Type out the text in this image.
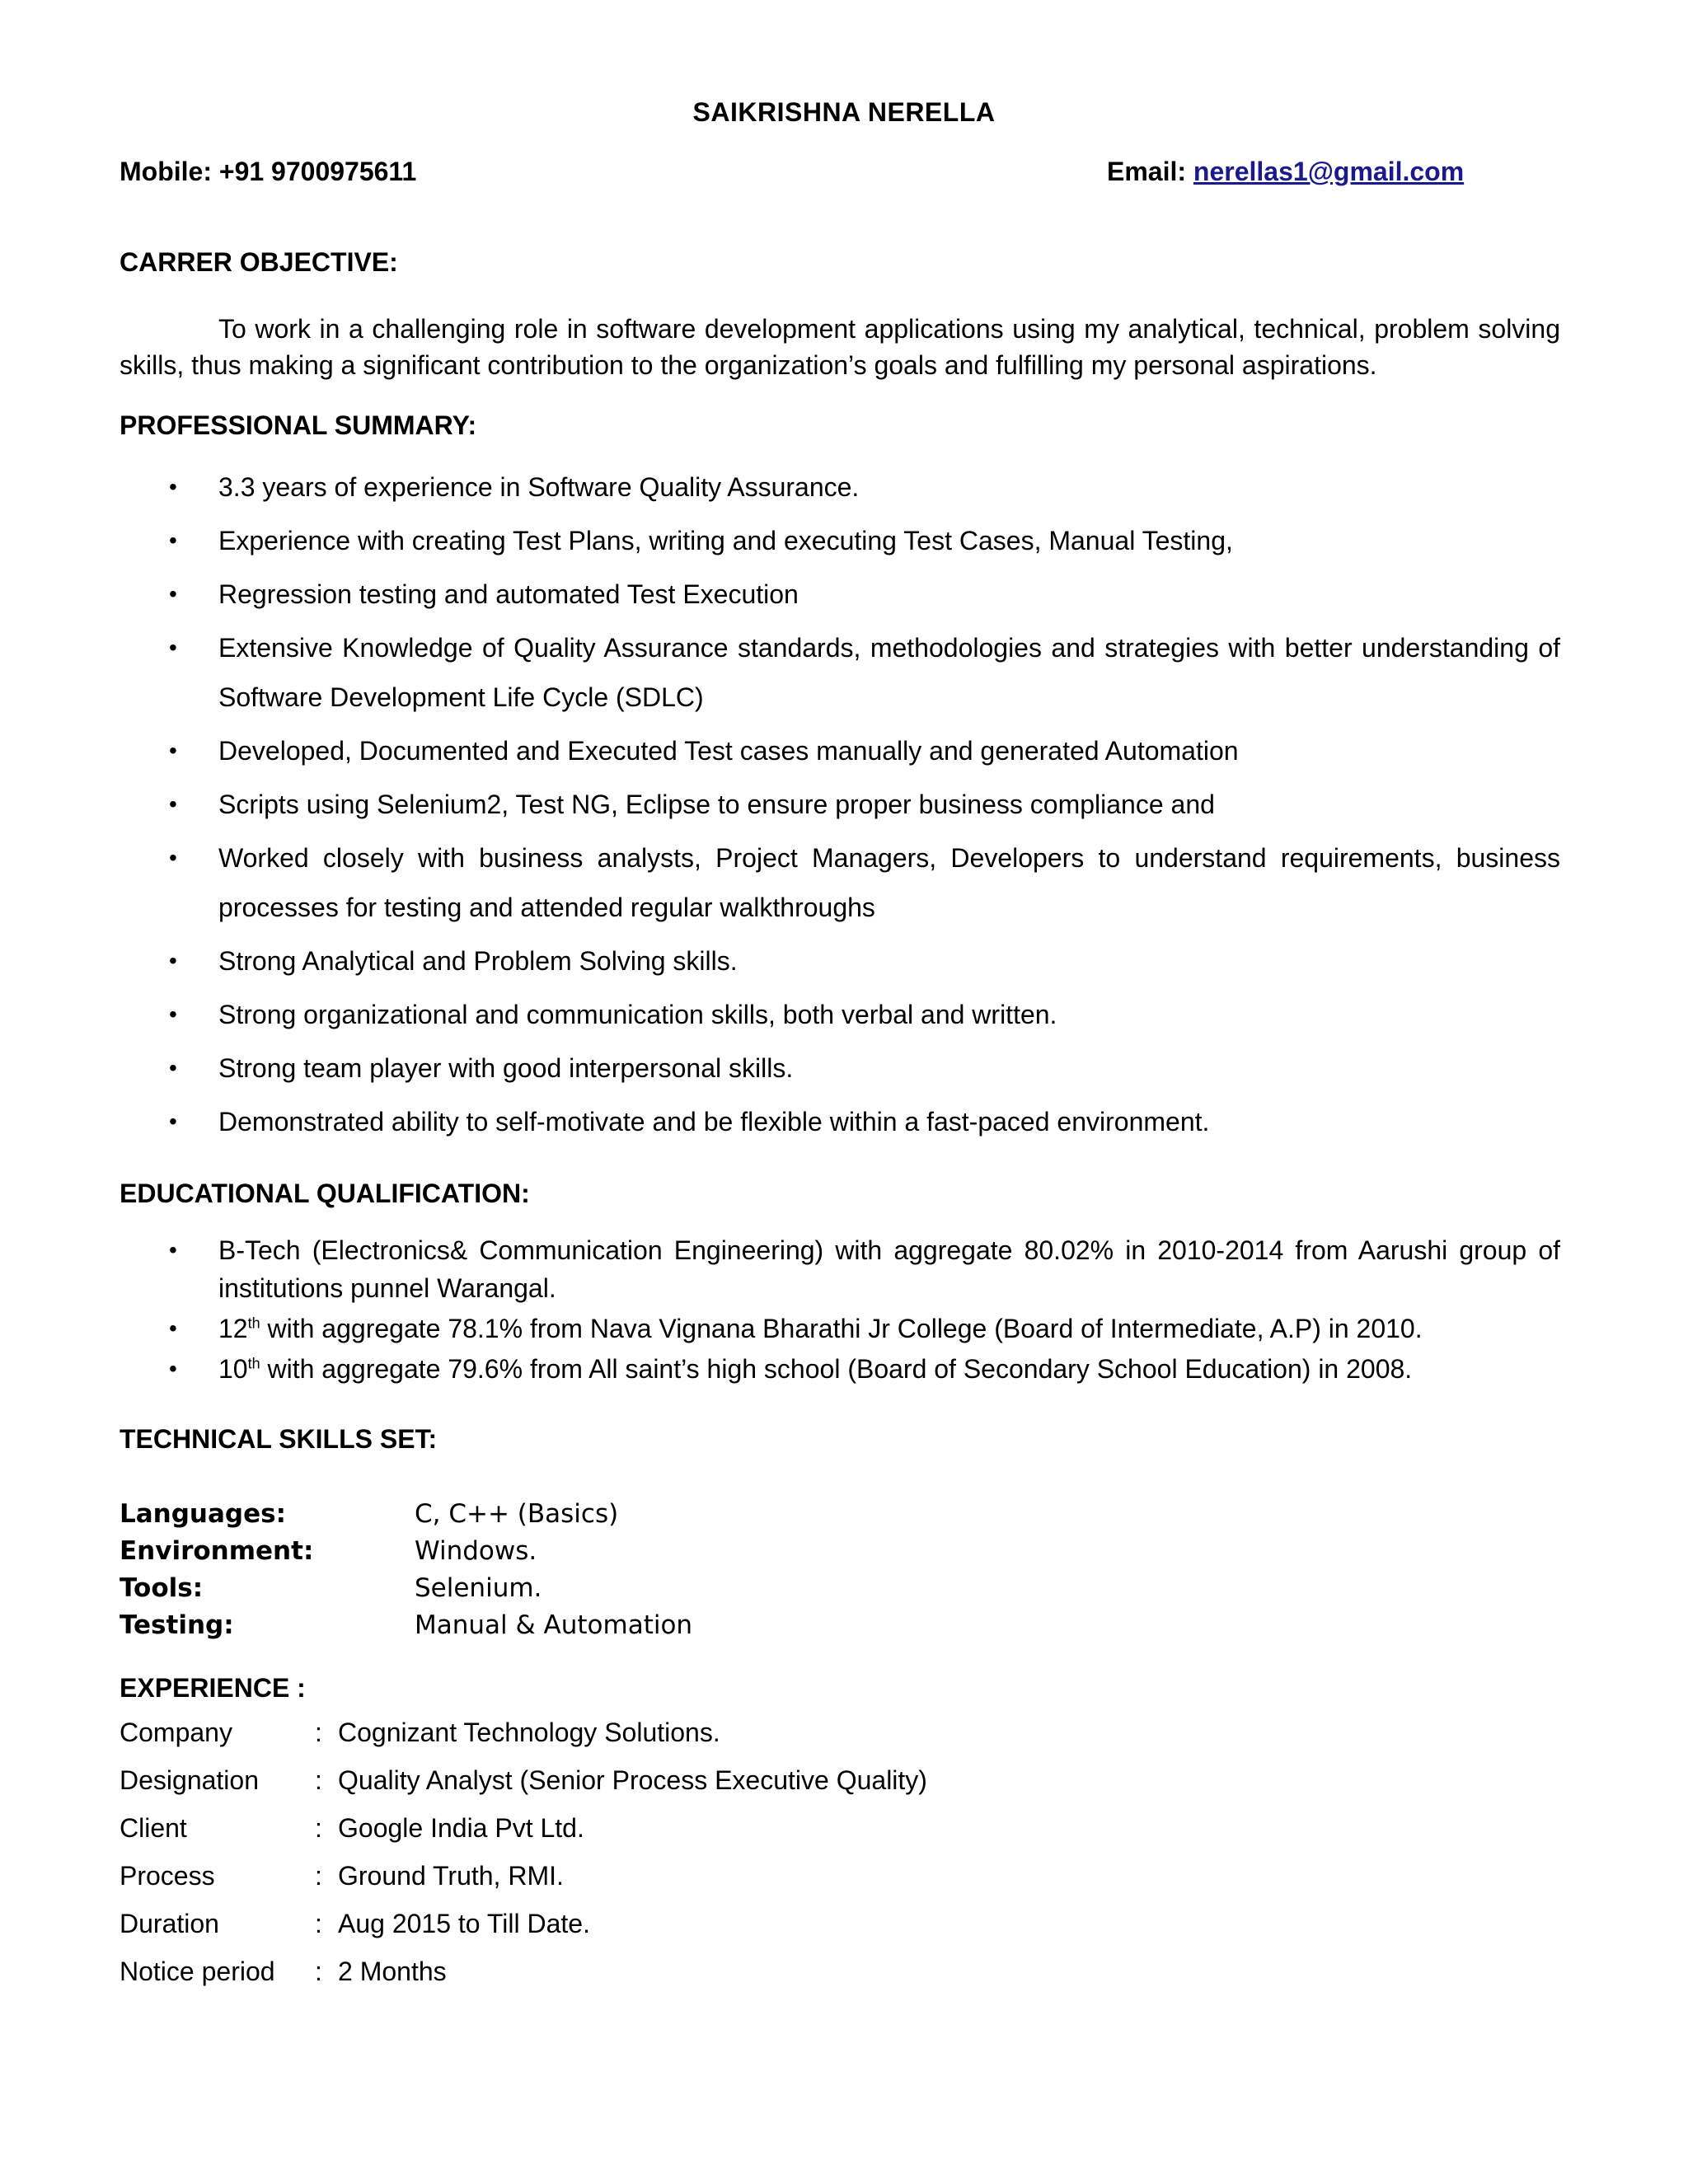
SAIKRISHNA NERELLA
Mobile: +91 9700975611	Email: nerellas1@gmail.com
CARRER OBJECTIVE:
To work in a challenging role in software development applications using my analytical, technical, problem solving skills, thus making a significant contribution to the organization’s goals and fulfilling my personal aspirations.
PROFESSIONAL SUMMARY:
• 3.3 years of experience in Software Quality Assurance.
• Experience with creating Test Plans, writing and executing Test Cases, Manual Testing,
• Regression testing and automated Test Execution
• Extensive Knowledge of Quality Assurance standards, methodologies and strategies with better understanding of Software Development Life Cycle (SDLC)
• Developed, Documented and Executed Test cases manually and generated Automation
• Scripts using Selenium2, Test NG, Eclipse to ensure proper business compliance and
• Worked closely with business analysts, Project Managers, Developers to understand requirements, business processes for testing and attended regular walkthroughs
• Strong Analytical and Problem Solving skills.
• Strong organizational and communication skills, both verbal and written.
• Strong team player with good interpersonal skills.
• Demonstrated ability to self-motivate and be flexible within a fast-paced environment.
EDUCATIONAL QUALIFICATION:
• B-Tech (Electronics& Communication Engineering) with aggregate 80.02% in 2010-2014 from Aarushi group of institutions punnel Warangal.
• 12th with aggregate 78.1% from Nava Vignana Bharathi Jr College (Board of Intermediate, A.P) in 2010.
• 10th with aggregate 79.6% from All saint’s high school (Board of Secondary School Education) in 2008.
TECHNICAL SKILLS SET:
Languages:	C, C++ (Basics)
Environment:	Windows.
Tools:	Selenium.
Testing:	Manual & Automation
EXPERIENCE :
Company	: Cognizant Technology Solutions.
Designation : Quality Analyst (Senior Process Executive Quality)
Client	: Google India Pvt Ltd.
Process	: Ground Truth, RMI.
Duration	: Aug 2015 to Till Date.
Notice period : 2 Months
